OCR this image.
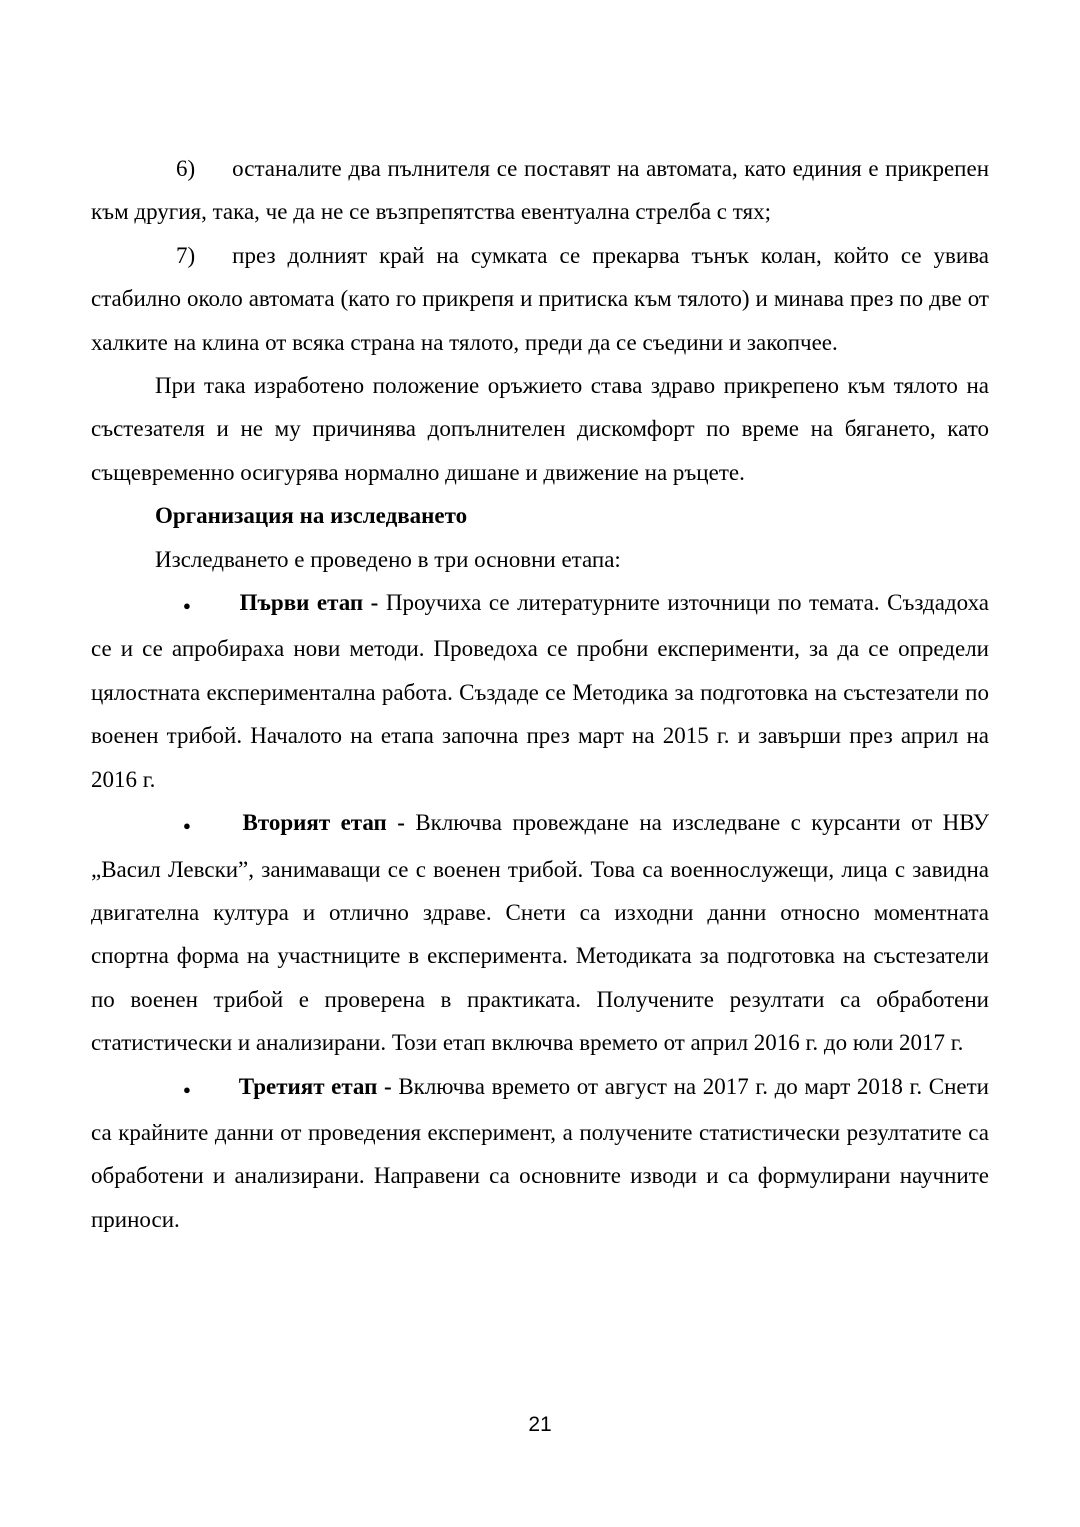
6) останалите два пълнителя се поставят на автомата, като единия е прикрепен към другия, така, че да не се възпрепятства евентуална стрелба с тях;

7) през долният край на сумката се прекарва тънък колан, който се увива стабилно около автомата (като го прикрепя и притиска към тялото) и минава през по две от халките на клина от всяка страна на тялото, преди да се съедини и закопчее.

При така изработено положение оръжието става здраво прикрепено към тялото на състезателя и не му причинява допълнителен дискомфорт по време на бягането, като същевременно осигурява нормално дишане и движение на ръцете.

Организация на изследването

Изследването е проведено в три основни етапа:

● Първи етап - Проучиха се литературните източници по темата. Създадоха се и се апробираха нови методи. Проведоха се пробни експерименти, за да се определи цялостната експериментална работа. Създаде се Методика за подготовка на състезатели по военен трибой. Началото на етапа започна през март на 2015 г. и завърши през април на 2016 г.

● Вторият етап - Включва провеждане на изследване с курсанти от НВУ „Васил Левски”, занимаващи се с военен трибой. Това са военнослужещи, лица с завидна двигателна култура и отлично здраве. Снети са изходни данни относно моментната спортна форма на участниците в експеримента. Методиката за подготовка на състезатели по военен трибой е проверена в практиката. Получените резултати са обработени статистически и анализирани. Този етап включва времето от април 2016 г. до юли 2017 г.

● Третият етап - Включва времето от август на 2017 г. до март 2018 г. Снети са крайните данни от проведения експеримент, а получените статистически резултатите са обработени и анализирани. Направени са основните изводи и са формулирани научните приноси.

21
